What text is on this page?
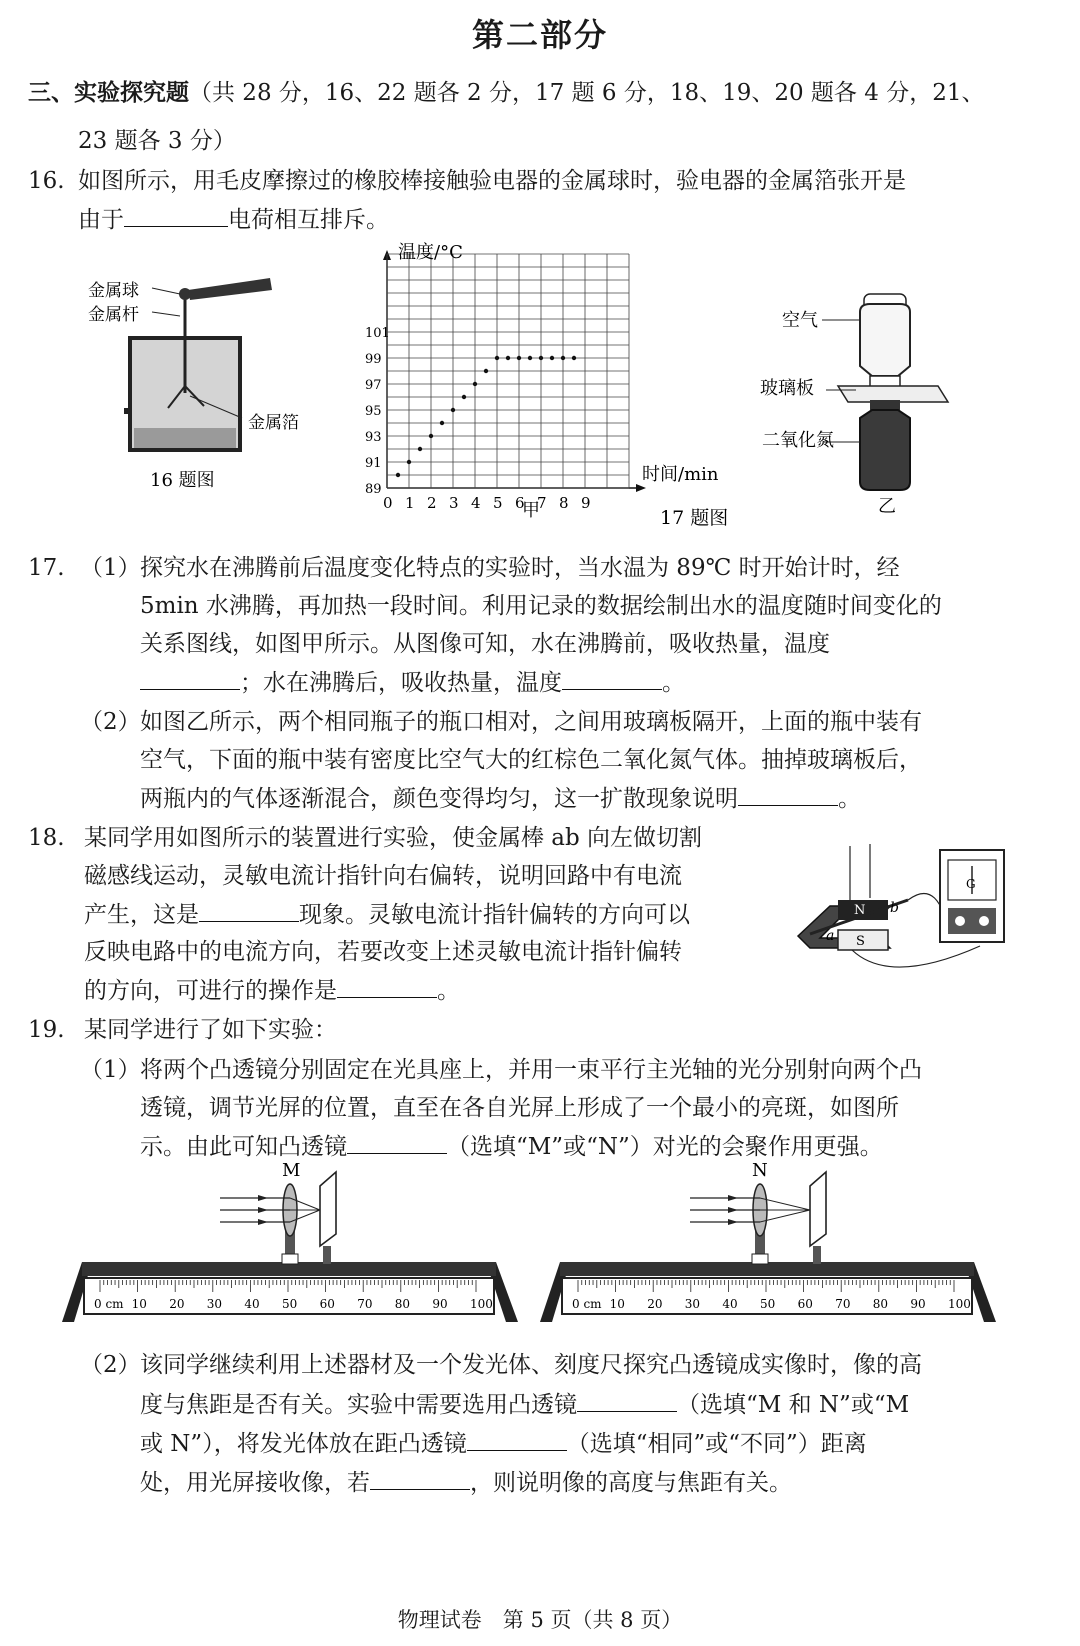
第二部分
三、实验探究题（共 28 分，16、22 题各 2 分，17 题 6 分，18、19、20 题各 4 分，21、
23 题各 3 分）
16. 如图所示，用毛皮摩擦过的橡胶棒接触验电器的金属球时，验电器的金属箔张开是
由于	电荷相互排斥。
金属球
金属杆
金属箔
16 题图
0 1 2 3 4 5 6 7 8 9
89
91
93
95
97
99
101
温度/°C
时间/min
甲	17 题图
空气
玻璃板
二氧化氮
乙
17. （1） 探究水在沸腾前后温度变化特点的实验时，当水温为 89℃ 时开始计时，经
5min 水沸腾，再加热一段时间。利用记录的数据绘制出水的温度随时间变化的
关系图线，如图甲所示。从图像可知，水在沸腾前，吸收热量，温度
；水在沸腾后，吸收热量，温度	。
（2） 如图乙所示，两个相同瓶子的瓶口相对，之间用玻璃板隔开，上面的瓶中装有
空气，下面的瓶中装有密度比空气大的红棕色二氧化氮气体。抽掉玻璃板后，
两瓶内的气体逐渐混合，颜色变得均匀，这一扩散现象说明	。
18. 某同学用如图所示的装置进行实验，使金属棒 ab 向左做切割
磁感线运动，灵敏电流计指针向右偏转，说明回路中有电流
产生，这是	现象。灵敏电流计指针偏转的方向可以
反映电路中的电流方向，若要改变上述灵敏电流计指针偏转
的方向，可进行的操作是	。
N
S
a
b
G
19. 某同学进行了如下实验：
（1） 将两个凸透镜分别固定在光具座上，并用一束平行主光轴的光分别射向两个凸
透镜，调节光屏的位置，直至在各自光屏上形成了一个最小的亮斑，如图所
示。由此可知凸透镜	（选填“M”或“N”）对光的会聚作用更强。
0 cm 10 20 30 40 50 60 70 80 90 100
M
0 cm 10 20 30 40 50 60 70 80 90 100
N
（2） 该同学继续利用上述器材及一个发光体、刻度尺探究凸透镜成实像时，像的高
度与焦距是否有关。实验中需要选用凸透镜	（选填“M 和 N”或“M
或 N”），将发光体放在距凸透镜	（选填“相同”或“不同”）距离
处，用光屏接收像，若	，则说明像的高度与焦距有关。
物理试卷　第 5 页（共 8 页）
